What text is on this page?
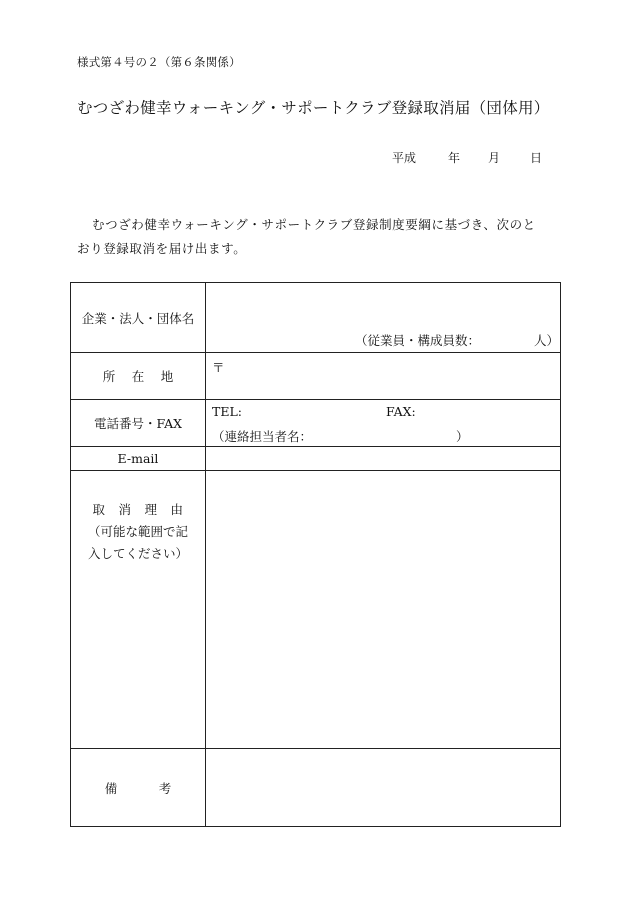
様式第４号の２（第６条関係）
むつざわ健幸ウォーキング・サポートクラブ登録取消届（団体用）
平成	年 月 日
むつざわ健幸ウォーキング・サポートクラブ登録制度要綱に基づき、次のと
おり登録取消を届け出ます。
企業・法人・団体名	（従業員・構成員数： 人）

所　 在　 地	〒

電話番号・FAX	TEL: FAX:
（連絡担当者名： ）

E-mail	

取　消　理　由
（可能な範囲で記
入してください）	

備　　　 考	
